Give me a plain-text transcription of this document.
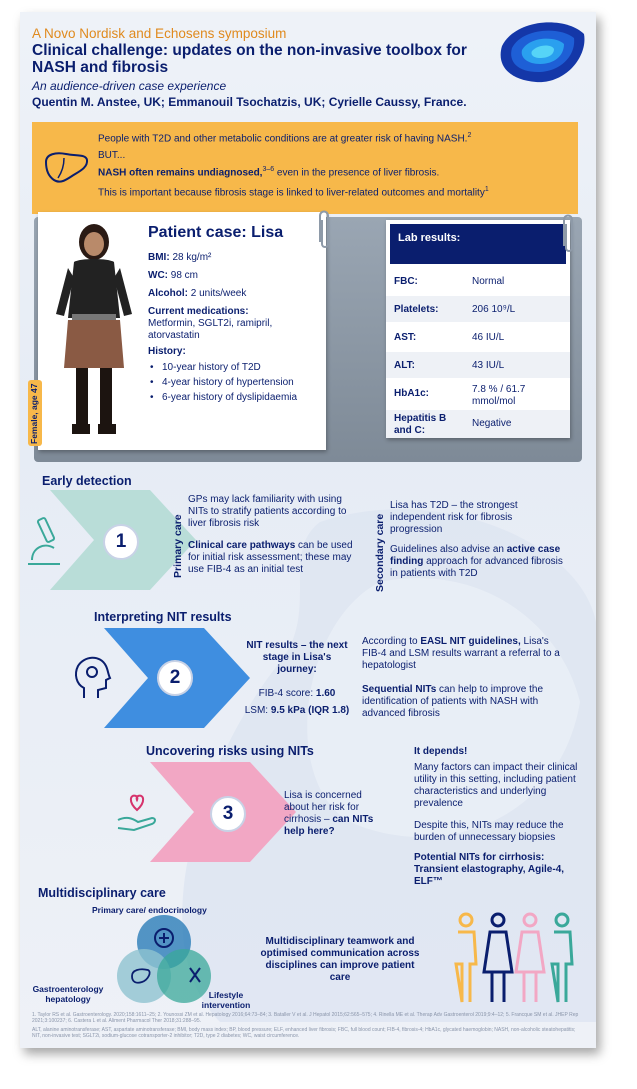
A Novo Nordisk and Echosens symposium
Clinical challenge: updates on the non-invasive toolbox for NASH and fibrosis
An audience-driven case experience
Quentin M. Anstee, UK; Emmanouil Tsochatzis, UK; Cyrielle Caussy, France.

People with T2D and other metabolic conditions are at greater risk of having NASH.$^2$

BUT...

NASH often remains undiagnosed,$^{3-6}$ even in the presence of liver fibrosis.

This is important because fibrosis stage is linked to liver-related outcomes and mortality$^1$

Patient case: Lisa
BMI: 28 kg/m²
WC: 98 cm
Alcohol: 2 units/week
Current medications:
Metformin, SGLT2i, ramipril, atorvastatin
History:
• 10-year history of T2D
• 4-year history of hypertension
• 6-year history of dyslipidaemia
Female, age 47
Lab results:
FBC:	Normal
Platelets:	206 10⁹/L
AST:	46 IU/L
ALT:	43 IU/L
HbA1c:	7.8 % / 61.7 mmol/mol
Hepatitis B and C:
Negative
Early detection
1	Primary care
GPs may lack familiarity with using NITs to stratify patients according to liver fibrosis risk
Clinical care pathways can be used for initial risk assessment; these may use FIB-4 as an initial test	Secondary care
Lisa has T2D – the strongest independent risk for fibrosis progression
Guidelines also advise an active case finding approach for advanced fibrosis in patients with T2D
Interpreting NIT results
2
NIT results – the next stage in Lisa's journey:
FIB-4 score: 1.60
LSM: 9.5 kPa (IQR 1.8)
According to EASL NIT guidelines, Lisa's FIB-4 and LSM results warrant a referral to a hepatologist
Sequential NITs can help to improve the identification of patients with NASH with advanced fibrosis
Uncovering risks using NITs
3
Lisa is concerned about her risk for cirrhosis – can NITs help here?
It depends!
Many factors can impact their clinical utility in this setting, including patient characteristics and underlying prevalence
Despite this, NITs may reduce the burden of unnecessary biopsies
Potential NITs for cirrhosis: Transient elastography, Agile-4, ELF™
Multidisciplinary care
Primary care/ endocrinology
Gastroenterology hepatology	Lifestyle intervention
Multidisciplinary teamwork and optimised communication across disciplines can improve patient care
1. Taylor RS et al. Gastroenterology. 2020;158:1611–25; 2. Younossi ZM et al. Hepatology 2016;64:73–84; 3. Bataller V et al. J Hepatol 2015;62:565–575; 4. Rinella ME et al. Therap Adv Gastroenterol 2019;9:4–12; 5. Francque SM et al. JHEP Rep 2021;3:100237; 6. Castera L et al. Aliment Pharmacol Ther 2018;31:288–95.
ALT, alanine aminotransferase; AST, aspartate aminotransferase; BMI, body mass index; BP, blood pressure; ELF, enhanced liver fibrosis; FBC, full blood count; FIB-4, fibrosis-4; HbA1c, glycated haemoglobin; NASH, non-alcoholic steatohepatitis; NIT, non-invasive test; SGLT2i, sodium-glucose cotransporter-2 inhibitor; T2D, type 2 diabetes; WC, waist circumference.
